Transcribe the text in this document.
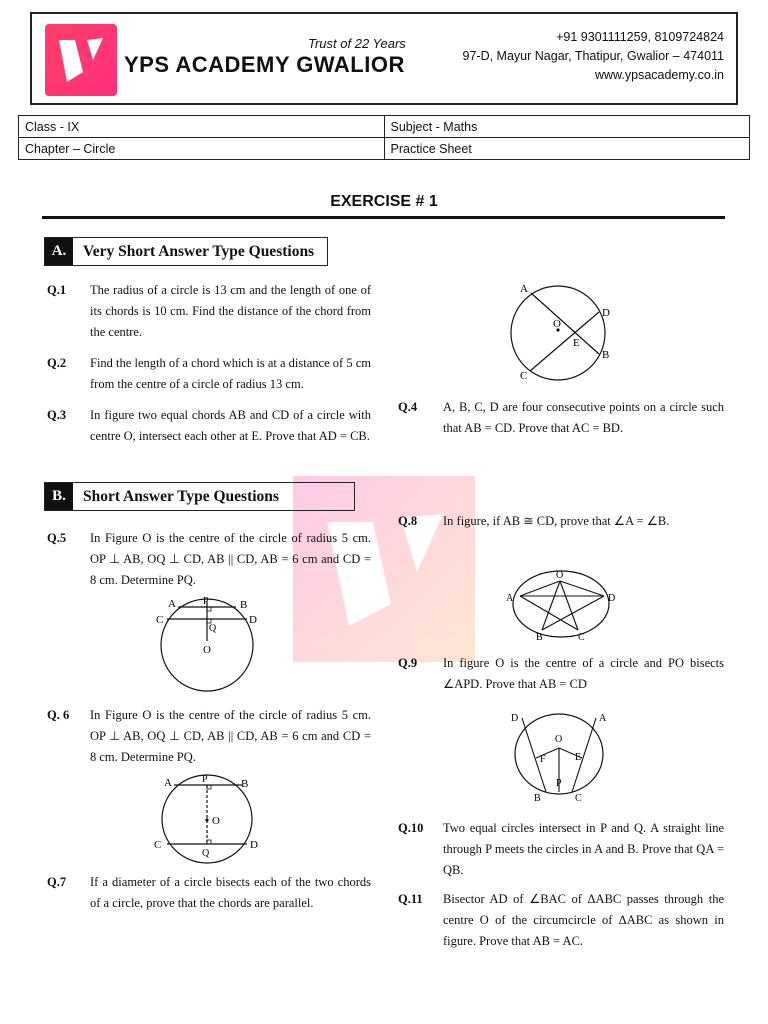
Trust of 22 Years
YPS ACADEMY GWALIOR
+91 9301111259, 8109724824
97-D, Mayur Nagar, Thatipur, Gwalior – 474011
www.ypsacademy.co.in
Class - IX	Subject - Maths
Chapter – Circle	Practice Sheet
EXERCISE # 1
A.	Very Short Answer Type Questions
Q.1 The radius of a circle is 13 cm and the length of one of its chords is 10 cm. Find the distance of the chord from the centre.
Q.2 Find the length of a chord which is at a distance of 5 cm from the centre of a circle of radius 13 cm.
Q.3 In figure two equal chords AB and CD of a circle with centre O, intersect each other at E. Prove that AD = CB.
A
D
B
C
E
O
Q.4 A, B, C, D are four consecutive points on a circle such that AB = CD. Prove that AC = BD.
B.	Short Answer Type Questions
Q.5 In Figure O is the centre of the circle of radius 5 cm. OP ⊥ AB, OQ ⊥ CD, AB || CD, AB = 6 cm and CD = 8 cm. Determine PQ.
A	B
C	D
P
Q
O
Q.8 In figure, if AB ≅ CD, prove that ∠A = ∠B.
O
A	D
B	C
Q.9 In figure O is the centre of a circle and PO bisects ∠APD. Prove that AB = CD
Q. 6 In Figure O is the centre of the circle of radius 5 cm. OP ⊥ AB, OQ ⊥ CD, AB || CD, AB = 6 cm and CD = 8 cm. Determine PQ.
A	B
P
O
C	D
Q
D	A
O
F	E
P
B	C
Q.10 Two equal circles intersect in P and Q. A straight line through P meets the circles in A and B. Prove that QA = QB.
Q.7 If a diameter of a circle bisects each of the two chords of a circle, prove that the chords are parallel.	Q.11 Bisector AD of ∠BAC of ΔABC passes through the centre O of the circumcircle of ΔABC as shown in figure. Prove that AB = AC.
